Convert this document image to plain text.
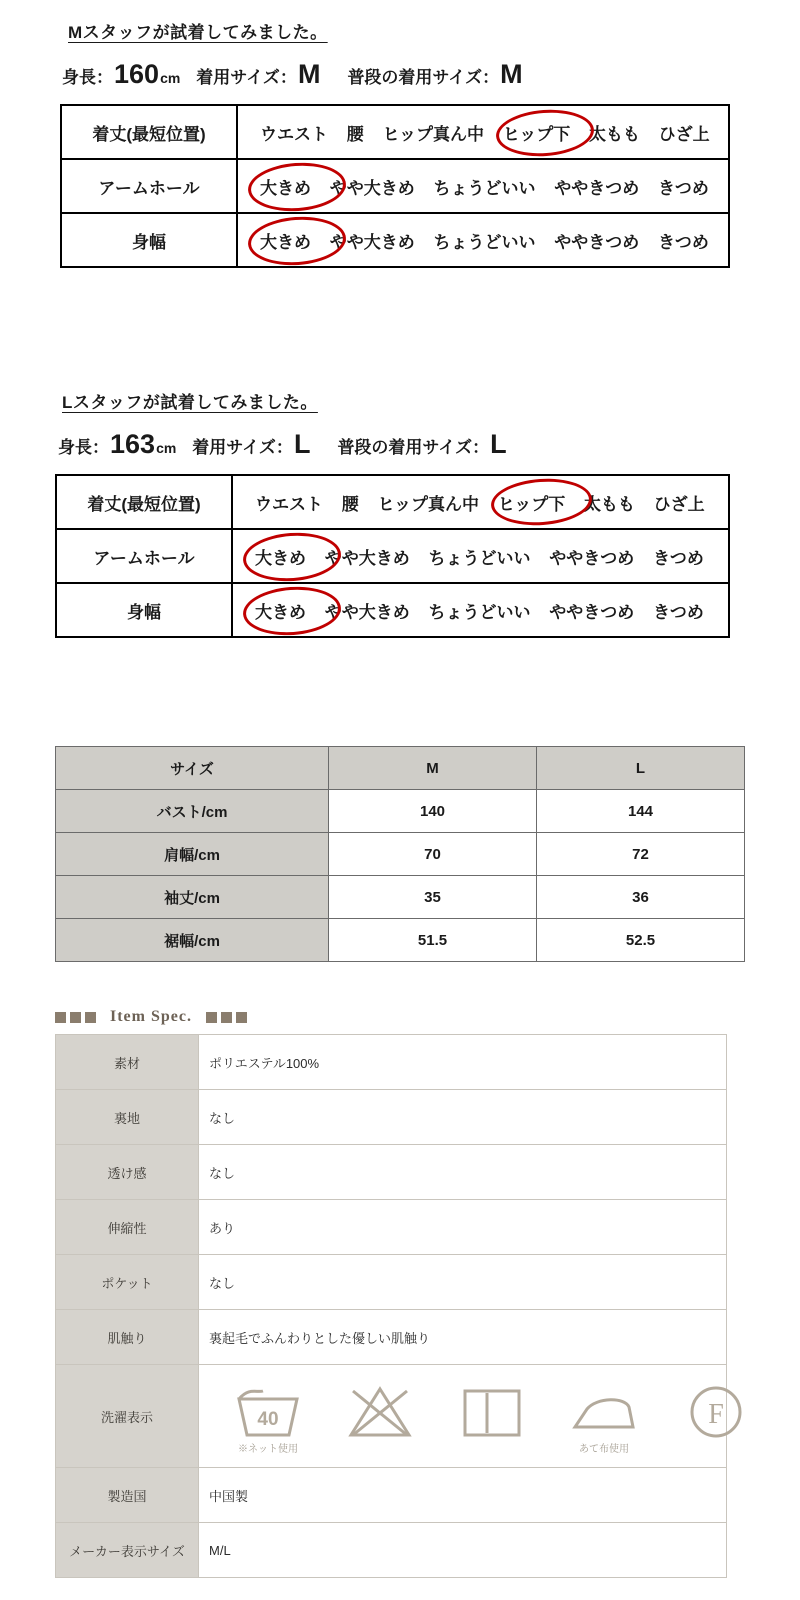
Mスタッフが試着してみました。
身長： 160 cm 着用サイズ： M 普段の着用サイズ： M
着丈(最短位置)	ウエスト 腰 ヒップ真ん中 ヒップ下 太もも ひざ上

アームホール	大きめ やや大きめ ちょうどいい ややきつめ きつめ

身幅	大きめ やや大きめ ちょうどいい ややきつめ きつめ
Lスタッフが試着してみました。
身長： 163 cm 着用サイズ： L 普段の着用サイズ： L
着丈(最短位置)	ウエスト 腰 ヒップ真ん中 ヒップ下 太もも ひざ上

アームホール	大きめ やや大きめ ちょうどいい ややきつめ きつめ

身幅	大きめ やや大きめ ちょうどいい ややきつめ きつめ
サイズ	M	L
バスト/cm	140	144
肩幅/cm	70	72
袖丈/cm	35	36
裾幅/cm	51.5	52.5
Item Spec.
素材	ポリエステル100%
裏地	なし
透け感	なし
伸縮性	あり
ポケット	なし
肌触り	裏起毛でふんわりとした優しい肌触り
洗濯表示	40
※ネット使用 あて布使用
F

製造国	中国製
メーカー表示サイズ	M/L
